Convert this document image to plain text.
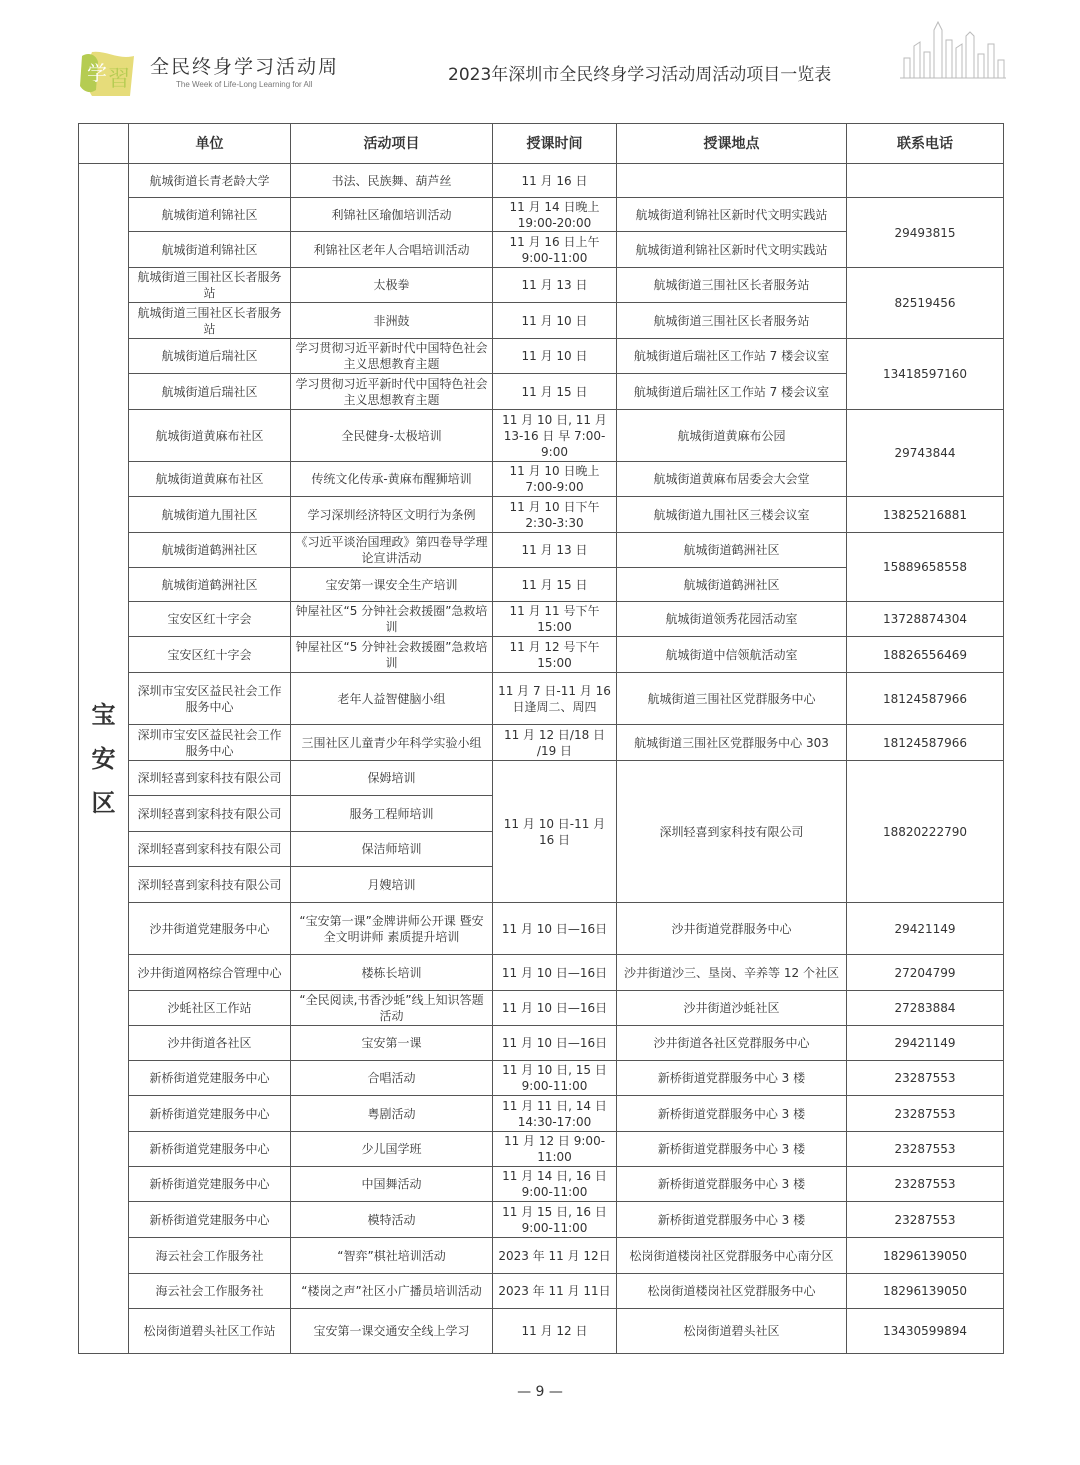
学 習 全民终身学习活动周
The Week of Life-Long Learning for All	2023年深圳市全民终身学习活动周活动项目一览表
	单位	活动项目	授课时间	授课地点	联系电话

宝
安
区	航城街道长青老龄大学	书法、民族舞、葫芦丝	11 月 16 日		
	航城街道利锦社区	利锦社区瑜伽培训活动	11 月 14 日晚上 19:00-20:00	航城街道利锦社区新时代文明实践站	29493815
	航城街道利锦社区	利锦社区老年人合唱培训活动	11 月 16 日上午 9:00-11:00	航城街道利锦社区新时代文明实践站	
	航城街道三围社区长者服务站	太极拳	11 月 13 日	航城街道三围社区长者服务站	82519456
	航城街道三围社区长者服务站	非洲鼓	11 月 10 日	航城街道三围社区长者服务站	
	航城街道后瑞社区	学习贯彻习近平新时代中国特色社会主义思想教育主题	11 月 10 日	航城街道后瑞社区工作站 7 楼会议室	13418597160
	航城街道后瑞社区	学习贯彻习近平新时代中国特色社会主义思想教育主题	11 月 15 日	航城街道后瑞社区工作站 7 楼会议室	
	航城街道黄麻布社区	全民健身-太极培训	11 月 10 日, 11 月 13-16 日 早 7:00-9:00	航城街道黄麻布公园	29743844
	航城街道黄麻布社区	传统文化传承-黄麻布醒狮培训	11 月 10 日晚上 7:00-9:00	航城街道黄麻布居委会大会堂	
	航城街道九围社区	学习深圳经济特区文明行为条例	11 月 10 日下午 2:30-3:30	航城街道九围社区三楼会议室	13825216881
	航城街道鹤洲社区	《习近平谈治国理政》第四卷导学理论宣讲活动	11 月 13 日	航城街道鹤洲社区	15889658558
	航城街道鹤洲社区	宝安第一课安全生产培训	11 月 15 日	航城街道鹤洲社区	
	宝安区红十字会	钟屋社区“5 分钟社会救援圈”急救培训	11 月 11 号下午 15:00	航城街道领秀花园活动室	13728874304
	宝安区红十字会	钟屋社区“5 分钟社会救援圈”急救培训	11 月 12 号下午 15:00	航城街道中信领航活动室	18826556469
	深圳市宝安区益民社会工作服务中心	老年人益智健脑小组	11 月 7 日-11 月 16 日逢周二、周四	航城街道三围社区党群服务中心	18124587966
	深圳市宝安区益民社会工作服务中心	三围社区儿童青少年科学实验小组	11 月 12 日/18 日 /19 日	航城街道三围社区党群服务中心 303	18124587966
	深圳轻喜到家科技有限公司	保姆培训	11 月 10 日-11 月 16 日	深圳轻喜到家科技有限公司	18820222790
	深圳轻喜到家科技有限公司	服务工程师培训			
	深圳轻喜到家科技有限公司	保洁师培训			
	深圳轻喜到家科技有限公司	月嫂培训			
	沙井街道党建服务中心	“宝安第一课”金牌讲师公开课 暨安全文明讲师 素质提升培训	11 月 10 日—16日	沙井街道党群服务中心	29421149
	沙井街道网格综合管理中心	楼栋长培训	11 月 10 日—16日	沙井街道沙三、垦岗、辛养等 12 个社区	27204799
	沙蚝社区工作站	“全民阅读,书香沙蚝”线上知识答题活动	11 月 10 日—16日	沙井街道沙蚝社区	27283884
	沙井街道各社区	宝安第一课	11 月 10 日—16日	沙井街道各社区党群服务中心	29421149
	新桥街道党建服务中心	合唱活动	11 月 10 日, 15 日 9:00-11:00	新桥街道党群服务中心 3 楼	23287553
	新桥街道党建服务中心	粤剧活动	11 月 11 日, 14 日 14:30-17:00	新桥街道党群服务中心 3 楼	23287553
	新桥街道党建服务中心	少儿国学班	11 月 12 日 9:00-11:00	新桥街道党群服务中心 3 楼	23287553
	新桥街道党建服务中心	中国舞活动	11 月 14 日, 16 日 9:00-11:00	新桥街道党群服务中心 3 楼	23287553
	新桥街道党建服务中心	模特活动	11 月 15 日, 16 日 9:00-11:00	新桥街道党群服务中心 3 楼	23287553
	海云社会工作服务社	“智弈”棋社培训活动	2023 年 11 月 12日	松岗街道楼岗社区党群服务中心南分区	18296139050
	海云社会工作服务社	“楼岗之声”社区小广播员培训活动	2023 年 11 月 11日	松岗街道楼岗社区党群服务中心	18296139050
	松岗街道碧头社区工作站	宝安第一课交通安全线上学习	11 月 12 日	松岗街道碧头社区	13430599894
— 9 —
